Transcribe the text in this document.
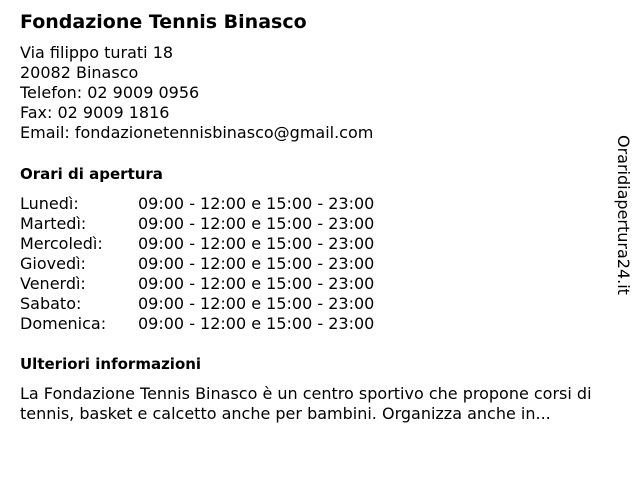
Fondazione Tennis Binasco
Via filippo turati 18
20082 Binasco
Telefon: 02 9009 0956
Fax: 02 9009 1816
Email: fondazionetennisbinasco@gmail.com
Orari di apertura
Lunedì:	09:00 - 12:00 e 15:00 - 23:00
Martedì:	09:00 - 12:00 e 15:00 - 23:00
Mercoledì: 09:00 - 12:00 e 15:00 - 23:00
Giovedì:	09:00 - 12:00 e 15:00 - 23:00
Venerdì:	09:00 - 12:00 e 15:00 - 23:00
Sabato:	09:00 - 12:00 e 15:00 - 23:00
Domenica: 09:00 - 12:00 e 15:00 - 23:00
Ulteriori informazioni

La Fondazione Tennis Binasco è un centro sportivo che propone corsi di tennis, basket e calcetto anche per bambini. Organizza anche in...

Oraridiapertura24.it
